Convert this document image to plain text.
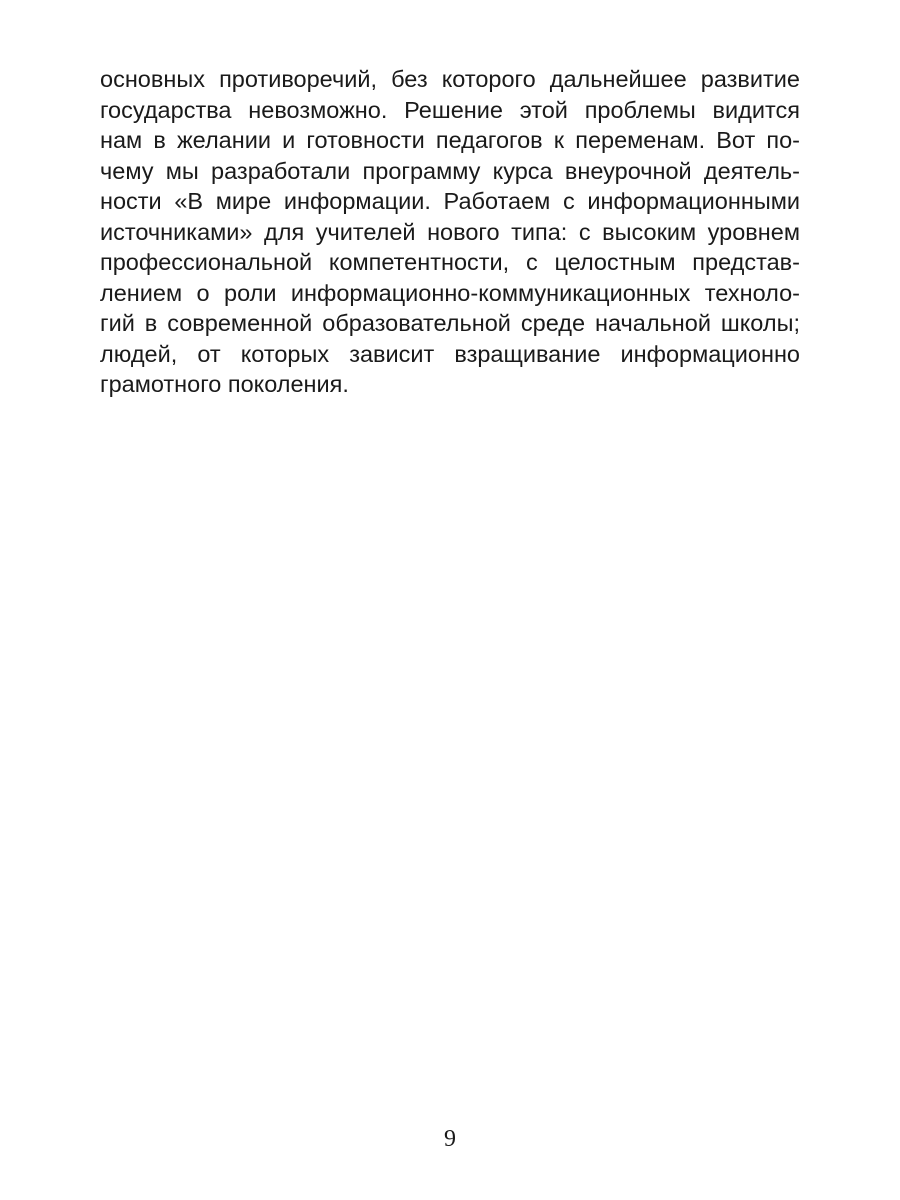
основных противоречий, без которого дальнейшее развитие
государства невозможно. Решение этой проблемы видится
нам в желании и готовности педагогов к переменам. Вот по-
чему мы разработали программу курса внеурочной деятель-
ности «В мире информации. Работаем с информационными
источниками» для учителей нового типа: с высоким уровнем
профессиональной компетентности, с целостным представ-
лением о роли информационно-коммуникационных техноло-
гий в современной образовательной среде начальной школы;
людей, от которых зависит взращивание информационно
грамотного поколения.
9
